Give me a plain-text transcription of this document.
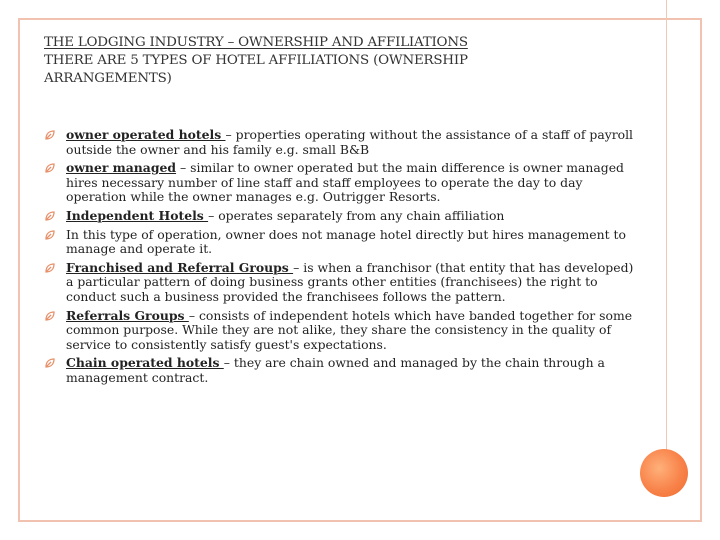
THE LODGING INDUSTRY – OWNERSHIP AND AFFILIATIONS
THERE ARE 5 TYPES OF HOTEL AFFILIATIONS (OWNERSHIP
ARRANGEMENTS)
owner operated hotels – properties operating without the assistance of a staff of payroll outside the owner and his family e.g. small B&B
owner managed – similar to owner operated but the main difference is owner managed hires necessary number of line staff and staff employees to operate the day to day operation while the owner manages e.g. Outrigger Resorts.
Independent Hotels – operates separately from any chain affiliation
In this type of operation, owner does not manage hotel directly but hires management to manage and operate it.
Franchised and Referral Groups – is when a franchisor (that entity that has developed) a particular pattern of doing business grants other entities (franchisees) the right to conduct such a business provided the franchisees follows the pattern.
Referrals Groups – consists of independent hotels which have banded together for some common purpose. While they are not alike, they share the consistency in the quality of service to consistently satisfy guest's expectations.
Chain operated hotels – they are chain owned and managed by the chain through a management contract.
